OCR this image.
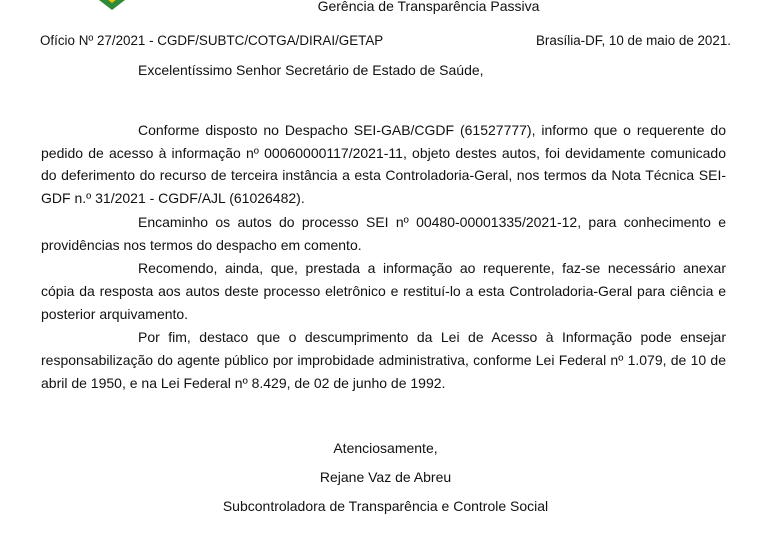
Gerência de Transparência Passiva
Ofício Nº 27/2021 - CGDF/SUBTC/COTGA/DIRAI/GETAP	Brasília-DF, 10 de maio de 2021.
Excelentíssimo Senhor Secretário de Estado de Saúde,

Conforme disposto no Despacho SEI-GAB/CGDF (61527777), informo que o requerente do pedido de acesso à informação nº 00060000117/2021-11, objeto destes autos, foi devidamente comunicado do deferimento do recurso de terceira instância a esta Controladoria-Geral, nos termos da Nota Técnica SEI-GDF n.º 31/2021 - CGDF/AJL (61026482).

Encaminho os autos do processo SEI nº 00480-00001335/2021-12, para conhecimento e providências nos termos do despacho em comento.

Recomendo, ainda, que, prestada a informação ao requerente, faz-se necessário anexar cópia da resposta aos autos deste processo eletrônico e restituí-lo a esta Controladoria-Geral para ciência e posterior arquivamento.

Por fim, destaco que o descumprimento da Lei de Acesso à Informação pode ensejar responsabilização do agente público por improbidade administrativa, conforme Lei Federal nº 1.079, de 10 de abril de 1950, e na Lei Federal nº 8.429, de 02 de junho de 1992.

Atenciosamente,
Rejane Vaz de Abreu
Subcontroladora de Transparência e Controle Social
